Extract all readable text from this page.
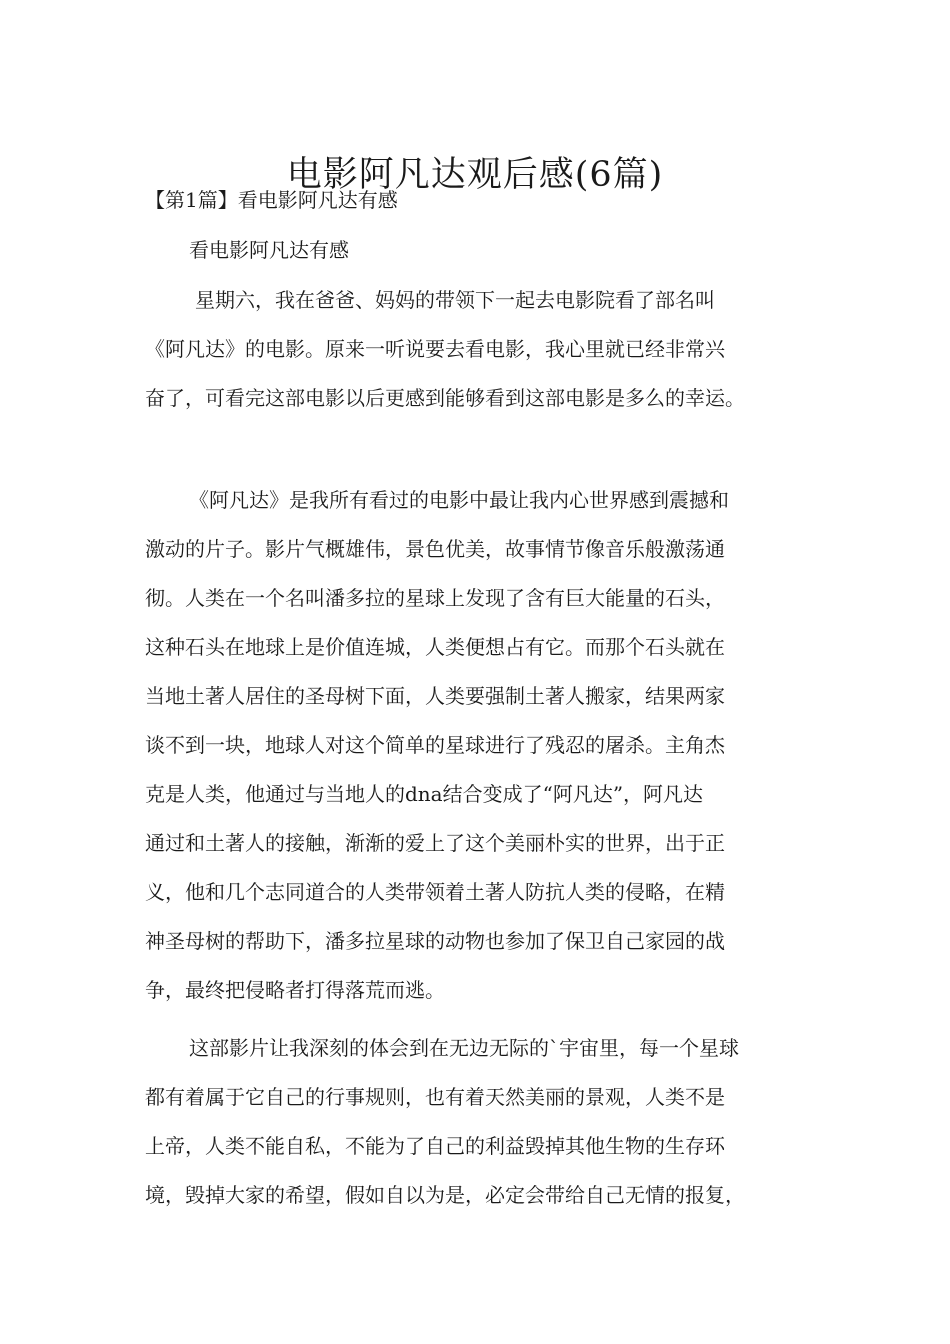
电影阿凡达观后感(6篇)
【第1篇】看电影阿凡达有感
看电影阿凡达有感
星期六，我在爸爸、妈妈的带领下一起去电影院看了部名叫
《阿凡达》的电影。原来一听说要去看电影，我心里就已经非常兴
奋了，可看完这部电影以后更感到能够看到这部电影是多么的幸运。
《阿凡达》是我所有看过的电影中最让我内心世界感到震撼和
激动的片子。影片气概雄伟，景色优美，故事情节像音乐般激荡通
彻。人类在一个名叫潘多拉的星球上发现了含有巨大能量的石头，
这种石头在地球上是价值连城，人类便想占有它。而那个石头就在
当地土著人居住的圣母树下面，人类要强制土著人搬家，结果两家
谈不到一块，地球人对这个简单的星球进行了残忍的屠杀。主角杰
克是人类，他通过与当地人的dna结合变成了“阿凡达”，阿凡达
通过和土著人的接触，渐渐的爱上了这个美丽朴实的世界，出于正
义，他和几个志同道合的人类带领着土著人防抗人类的侵略，在精
神圣母树的帮助下，潘多拉星球的动物也参加了保卫自己家园的战
争，最终把侵略者打得落荒而逃。
这部影片让我深刻的体会到在无边无际的`宇宙里，每一个星球
都有着属于它自己的行事规则，也有着天然美丽的景观，人类不是
上帝，人类不能自私，不能为了自己的利益毁掉其他生物的生存环
境，毁掉大家的希望，假如自以为是，必定会带给自己无情的报复，
